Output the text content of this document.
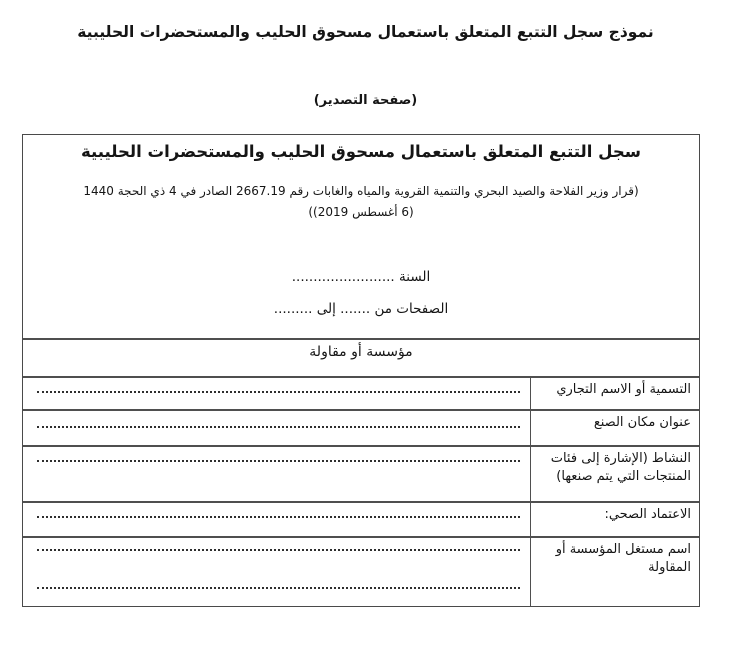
نموذج سجل التتبع المتعلق باستعمال مسحوق الحليب والمستحضرات الحليبية
(صفحة التصدير)
سجل التتبع المتعلق باستعمال مسحوق الحليب والمستحضرات الحليبية
(قرار وزير الفلاحة والصيد البحري والتنمية القروية والمياه والغابات رقم 2667.19 الصادر في 4 ذي الحجة 1440
(6 أغسطس 2019))
السنة ........................
الصفحات من ....... إلى .........
مؤسسة أو مقاولة
التسمية أو الاسم التجاري
عنوان مكان الصنع
النشاط (الإشارة إلى فئات المنتجات التي يتم صنعها)
الاعتماد الصحي:
اسم مستغل المؤسسة أو المقاولة
